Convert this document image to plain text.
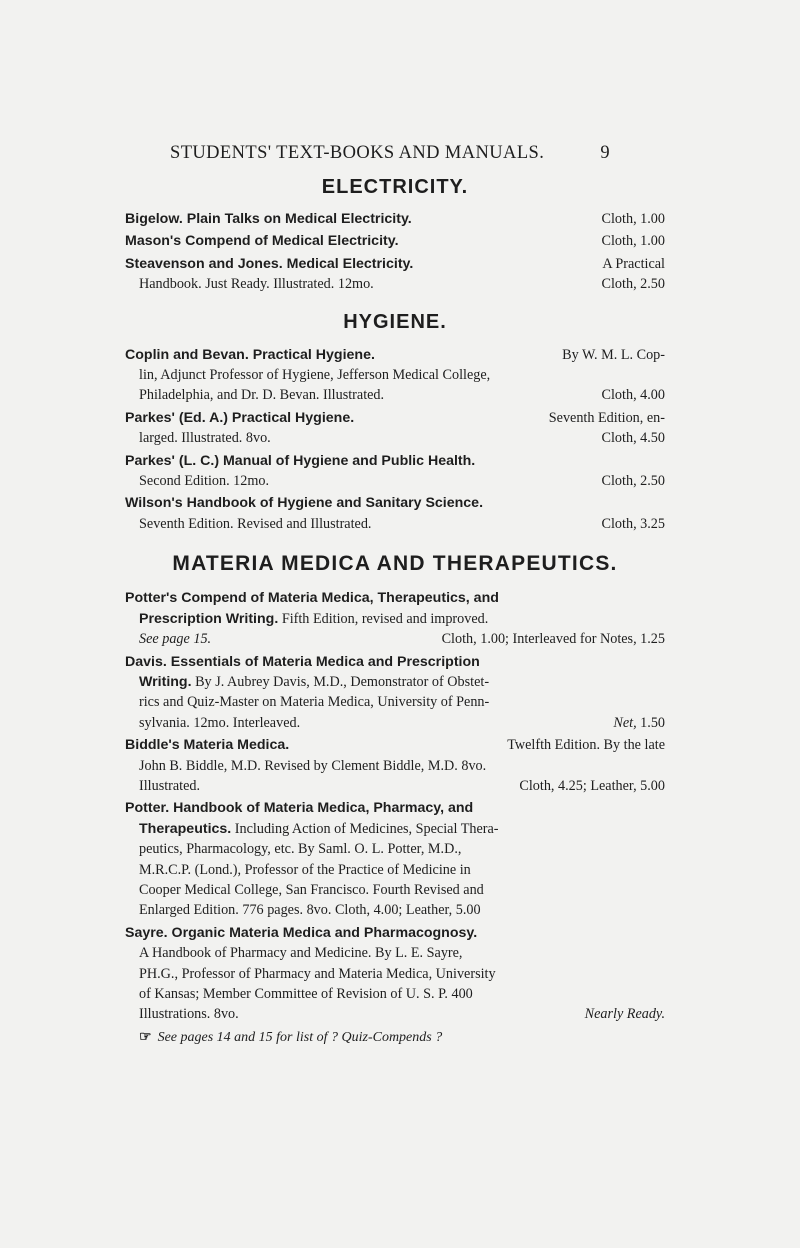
STUDENTS' TEXT-BOOKS AND MANUALS.	9
ELECTRICITY.
Bigelow. Plain Talks on Medical Electricity.	Cloth, 1.00
Mason's Compend of Medical Electricity.	Cloth, 1.00
Steavenson and Jones. Medical Electricity.	A Practical
Handbook. Just Ready. Illustrated. 12mo.	Cloth, 2.50
HYGIENE.
Coplin and Bevan. Practical Hygiene.	By W. M. L. Cop-
lin, Adjunct Professor of Hygiene, Jefferson Medical College,
Philadelphia, and Dr. D. Bevan. Illustrated.	Cloth, 4.00
Parkes' (Ed. A.) Practical Hygiene.	Seventh Edition, en-
larged. Illustrated. 8vo.	Cloth, 4.50
Parkes' (L. C.) Manual of Hygiene and Public Health.
Second Edition. 12mo.	Cloth, 2.50
Wilson's Handbook of Hygiene and Sanitary Science.
Seventh Edition. Revised and Illustrated.	Cloth, 3.25
MATERIA MEDICA AND THERAPEUTICS.
Potter's Compend of Materia Medica, Therapeutics, and
Prescription Writing. Fifth Edition, revised and improved.
See page 15.	Cloth, 1.00; Interleaved for Notes, 1.25
Davis. Essentials of Materia Medica and Prescription
Writing. By J. Aubrey Davis, M.D., Demonstrator of Obstet-
rics and Quiz-Master on Materia Medica, University of Penn-
sylvania. 12mo. Interleaved.	Net, 1.50
Biddle's Materia Medica.	Twelfth Edition. By the late
John B. Biddle, M.D. Revised by Clement Biddle, M.D. 8vo.
Illustrated.	Cloth, 4.25; Leather, 5.00
Potter. Handbook of Materia Medica, Pharmacy, and
Therapeutics. Including Action of Medicines, Special Thera-
peutics, Pharmacology, etc. By Saml. O. L. Potter, M.D.,
M.R.C.P. (Lond.), Professor of the Practice of Medicine in
Cooper Medical College, San Francisco. Fourth Revised and
Enlarged Edition. 776 pages. 8vo. Cloth, 4.00; Leather, 5.00
Sayre. Organic Materia Medica and Pharmacognosy.
A Handbook of Pharmacy and Medicine. By L. E. Sayre,
PH.G., Professor of Pharmacy and Materia Medica, University
of Kansas; Member Committee of Revision of U. S. P. 400
Illustrations. 8vo.	Nearly Ready.
☞ See pages 14 and 15 for list of ? Quiz-Compends ?
